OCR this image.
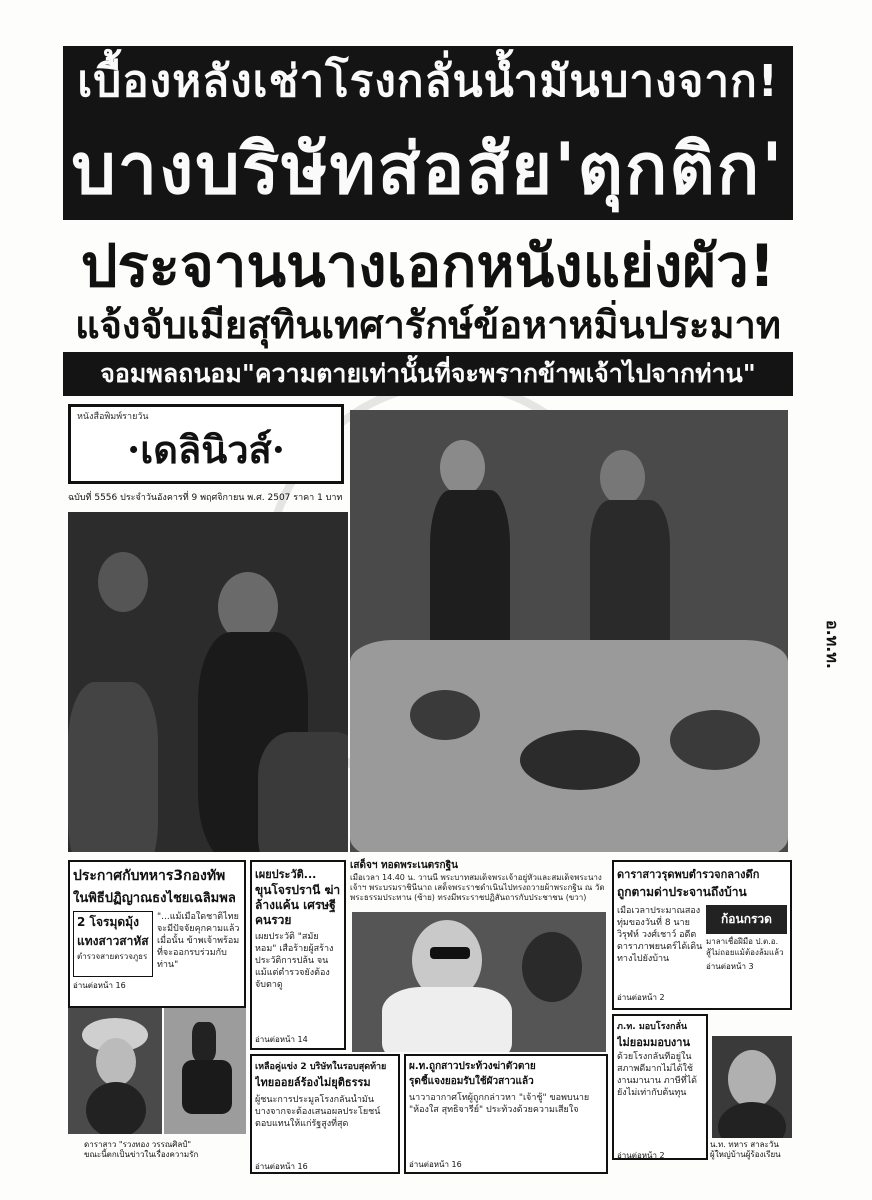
เบื้องหลังเช่าโรงกลั่นน้ำมันบางจาก!
บางบริษัทส่อสัย'ตุกติก'
ประจานนางเอกหนังแย่งผัว!
แจ้งจับเมียสุทินเทศารักษ์ข้อหาหมิ่นประมาท
จอมพลถนอม"ความตายเท่านั้นที่จะพรากข้าพเจ้าไปจากท่าน"
หนังสือพิมพ์รายวัน
·เดลินิวส์·
ฉบับที่ 5556 ประจำวันอังคารที่ 9 พฤศจิกายน พ.ศ. 2507 ราคา 1 บาท
อ.ท.ท.
ประกาศกับทหาร3กองทัพ
ในพิธีปฏิญาณธงไชยเฉลิมพล
2 โจรมุดมุ้ง
แทงสาวสาหัส
ตำรวจสายตรวจภูธร
"...แม้เมื่อใดชาติไทยจะมีปัจจัยคุกคามแล้ว เมื่อนั้น ข้าพเจ้าพร้อมที่จะออกรบร่วมกับท่าน"
อ่านต่อหน้า 16
เผยประวัติ...
ขุนโจรปรานี ฆ่าล้างแค้น เศรษฐีคนรวย
เผยประวัติ "สมัย หอม" เสือร้ายผู้สร้างประวัติการปล้น จนแม้แต่ตำรวจยังต้องจับตาดู
อ่านต่อหน้า 14
เสด็จฯ ทอดพระเนตรกฐิน
เมื่อเวลา 14.40 น. วานนี้ พระบาทสมเด็จพระเจ้าอยู่หัวและสมเด็จพระนางเจ้าฯ พระบรมราชินีนาถ เสด็จพระราชดำเนินไปทรงถวายผ้าพระกฐิน ณ วัดพระธรรมประทาน (ซ้าย) ทรงมีพระราชปฏิสันถารกับประชาชน (ขวา)
ดาราสาวรุดพบตำรวจกลางดึก
ถูกตามด่าประจานถึงบ้าน
เมื่อเวลาประมาณสองทุ่มของวันที่ 8 นายวิรุฬห์ วงศ์เชาว์ อดีตดาราภาพยนตร์ได้เดินทางไปยังบ้าน
ก้อนกรวด
มาลาเชื่อฝีมือ ป.ต.อ.
สู้ไม่ถอยแม้ต้องล้มแล้ว
อ่านต่อหน้า 3
อ่านต่อหน้า 2
ภ.ท. มอบโรงกลั่น
ไม่ยอมมอบงาน
ด้วยโรงกลั่นที่อยู่ในสภาพดีมากไม่ได้ใช้งานมานาน ภาษีที่ได้ยังไม่เท่ากับต้นทุน
อ่านต่อหน้า 2
น.ท. ทหาร สาละวัน
ผู้ใหญ่บ้านผู้ร้องเรียน
ดาราสาว "รวงทอง วรรณศิลป์"
ขณะนี้ตกเป็นข่าวในเรื่องความรัก
เหลือคู่แข่ง 2 บริษัทในรอบสุดท้าย
ไทยออยล์ร้องไม่ยุติธรรม
ผู้ชนะการประมูลโรงกลั่นน้ำมันบางจากจะต้องเสนอผลประโยชน์ตอบแทนให้แก่รัฐสูงที่สุด
อ่านต่อหน้า 16
ผ.ท.ถูกสาวประท้วงฆ่าตัวตาย
รุดชี้แจงยอมรับใช้ผัวสาวแล้ว
นาวาอากาศโทผู้ถูกกล่าวหา "เจ้าชู้" ขอพบนาย "ห้องใส สุทธิจารีย์" ประท้วงด้วยความเสียใจ
อ่านต่อหน้า 16
